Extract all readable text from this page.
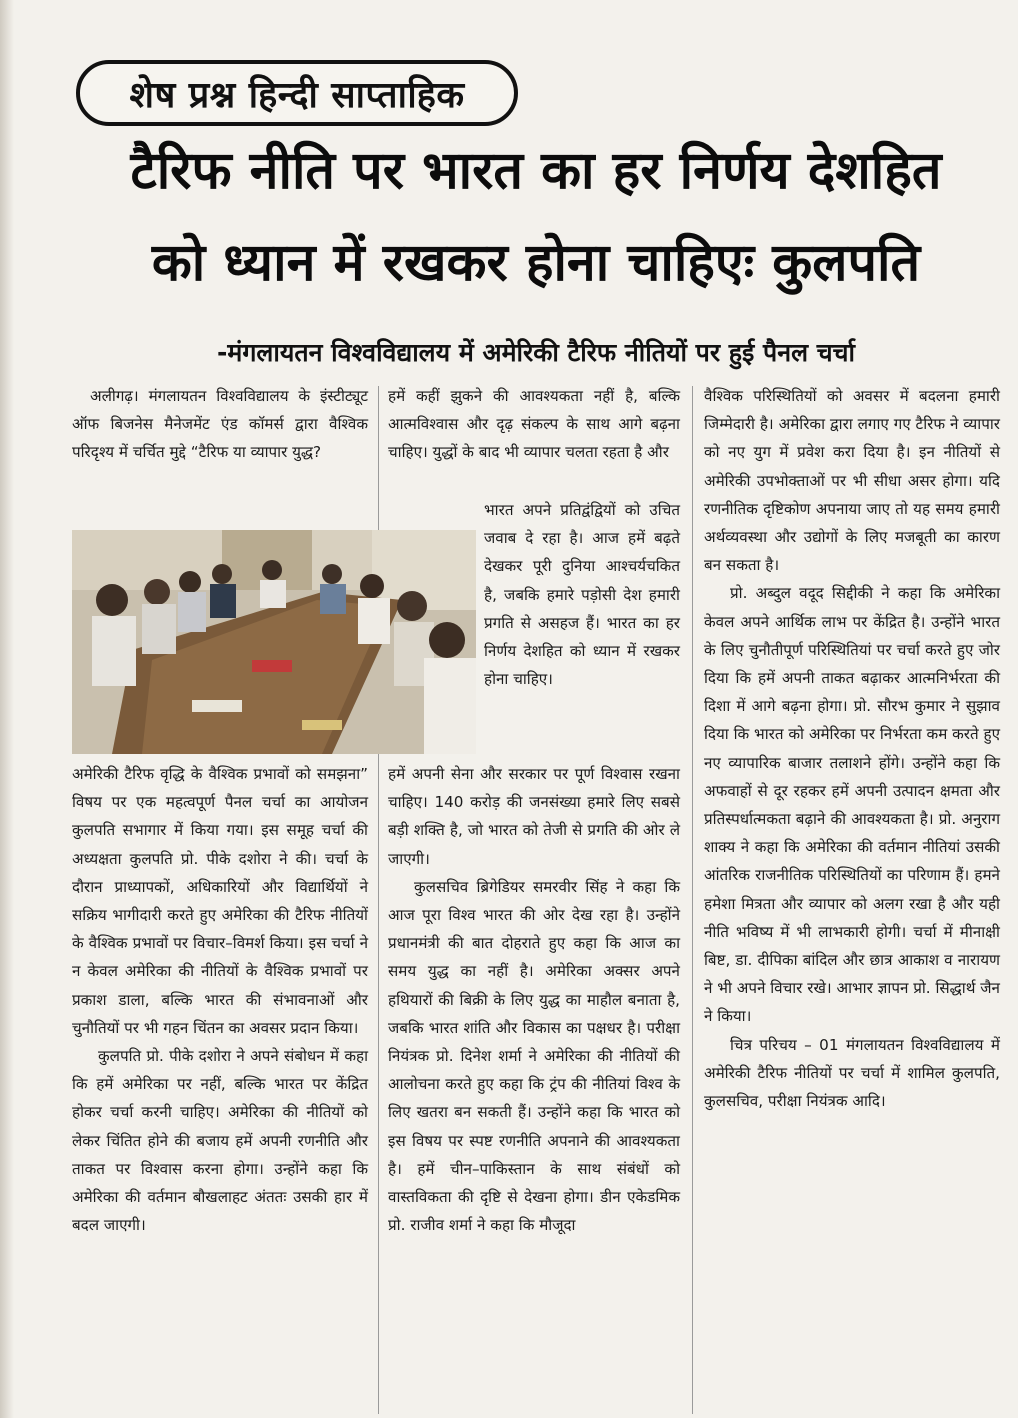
शेष प्रश्न हिन्दी साप्ताहिक
टैरिफ नीति पर भारत का हर निर्णय देशहित
को ध्यान में रखकर होना चाहिएः कुलपति
-मंगलायतन विश्वविद्यालय में अमेरिकी टैरिफ नीतियों पर हुई पैनल चर्चा

अलीगढ़। मंगलायतन विश्वविद्यालय के इंस्टीट्यूट ऑफ बिजनेस मैनेजमेंट एंड कॉमर्स द्वारा वैश्विक परिदृश्य में चर्चित मुद्दे “टैरिफ या व्यापार युद्ध?

अमेरिकी टैरिफ वृद्धि के वैश्विक प्रभावों को समझना” विषय पर एक महत्वपूर्ण पैनल चर्चा का आयोजन कुलपति सभागार में किया गया। इस समूह चर्चा की अध्यक्षता कुलपति प्रो. पीके दशोरा ने की। चर्चा के दौरान प्राध्यापकों, अधिकारियों और विद्यार्थियों ने सक्रिय भागीदारी करते हुए अमेरिका की टैरिफ नीतियों के वैश्विक प्रभावों पर विचार–विमर्श किया। इस चर्चा ने न केवल अमेरिका की नीतियों के वैश्विक प्रभावों पर प्रकाश डाला, बल्कि भारत की संभावनाओं और चुनौतियों पर भी गहन चिंतन का अवसर प्रदान किया।

कुलपति प्रो. पीके दशोरा ने अपने संबोधन में कहा कि हमें अमेरिका पर नहीं, बल्कि भारत पर केंद्रित होकर चर्चा करनी चाहिए। अमेरिका की नीतियों को लेकर चिंतित होने की बजाय हमें अपनी रणनीति और ताकत पर विश्वास करना होगा। उन्होंने कहा कि अमेरिका की वर्तमान बौखलाहट अंततः उसकी हार में बदल जाएगी।

हमें कहीं झुकने की आवश्यकता नहीं है, बल्कि आत्मविश्वास और दृढ़ संकल्प के साथ आगे बढ़ना चाहिए। युद्धों के बाद भी व्यापार चलता रहता है और

भारत अपने प्रतिद्वंद्वियों को उचित जवाब दे रहा है। आज हमें बढ़ते देखकर पूरी दुनिया आश्चर्यचकित है, जबकि हमारे पड़ोसी देश हमारी प्रगति से असहज हैं। भारत का हर निर्णय देशहित को ध्यान में रखकर होना चाहिए।

हमें अपनी सेना और सरकार पर पूर्ण विश्वास रखना चाहिए। 140 करोड़ की जनसंख्या हमारे लिए सबसे बड़ी शक्ति है, जो भारत को तेजी से प्रगति की ओर ले जाएगी।

कुलसचिव ब्रिगेडियर समरवीर सिंह ने कहा कि आज पूरा विश्व भारत की ओर देख रहा है। उन्होंने प्रधानमंत्री की बात दोहराते हुए कहा कि आज का समय युद्ध का नहीं है। अमेरिका अक्सर अपने हथियारों की बिक्री के लिए युद्ध का माहौल बनाता है, जबकि भारत शांति और विकास का पक्षधर है। परीक्षा नियंत्रक प्रो. दिनेश शर्मा ने अमेरिका की नीतियों की आलोचना करते हुए कहा कि ट्रंप की नीतियां विश्व के लिए खतरा बन सकती हैं। उन्होंने कहा कि भारत को इस विषय पर स्पष्ट रणनीति अपनाने की आवश्यकता है। हमें चीन–पाकिस्तान के साथ संबंधों को वास्तविकता की दृष्टि से देखना होगा। डीन एकेडमिक प्रो. राजीव शर्मा ने कहा कि मौजूदा

वैश्विक परिस्थितियों को अवसर में बदलना हमारी जिम्मेदारी है। अमेरिका द्वारा लगाए गए टैरिफ ने व्यापार को नए युग में प्रवेश करा दिया है। इन नीतियों से अमेरिकी उपभोक्ताओं पर भी सीधा असर होगा। यदि रणनीतिक दृष्टिकोण अपनाया जाए तो यह समय हमारी अर्थव्यवस्था और उद्योगों के लिए मजबूती का कारण बन सकता है।

प्रो. अब्दुल वदूद सिद्दीकी ने कहा कि अमेरिका केवल अपने आर्थिक लाभ पर केंद्रित है। उन्होंने भारत के लिए चुनौतीपूर्ण परिस्थितियां पर चर्चा करते हुए जोर दिया कि हमें अपनी ताकत बढ़ाकर आत्मनिर्भरता की दिशा में आगे बढ़ना होगा। प्रो. सौरभ कुमार ने सुझाव दिया कि भारत को अमेरिका पर निर्भरता कम करते हुए नए व्यापारिक बाजार तलाशने होंगे। उन्होंने कहा कि अफवाहों से दूर रहकर हमें अपनी उत्पादन क्षमता और प्रतिस्पर्धात्मकता बढ़ाने की आवश्यकता है। प्रो. अनुराग शाक्य ने कहा कि अमेरिका की वर्तमान नीतियां उसकी आंतरिक राजनीतिक परिस्थितियों का परिणाम हैं। हमने हमेशा मित्रता और व्यापार को अलग रखा है और यही नीति भविष्य में भी लाभकारी होगी। चर्चा में मीनाक्षी बिष्ट, डा. दीपिका बांदिल और छात्र आकाश व नारायण ने भी अपने विचार रखे। आभार ज्ञापन प्रो. सिद्धार्थ जैन ने किया।

चित्र परिचय – 01 मंगलायतन विश्वविद्यालय में अमेरिकी टैरिफ नीतियों पर चर्चा में शामिल कुलपति, कुलसचिव, परीक्षा नियंत्रक आदि।
